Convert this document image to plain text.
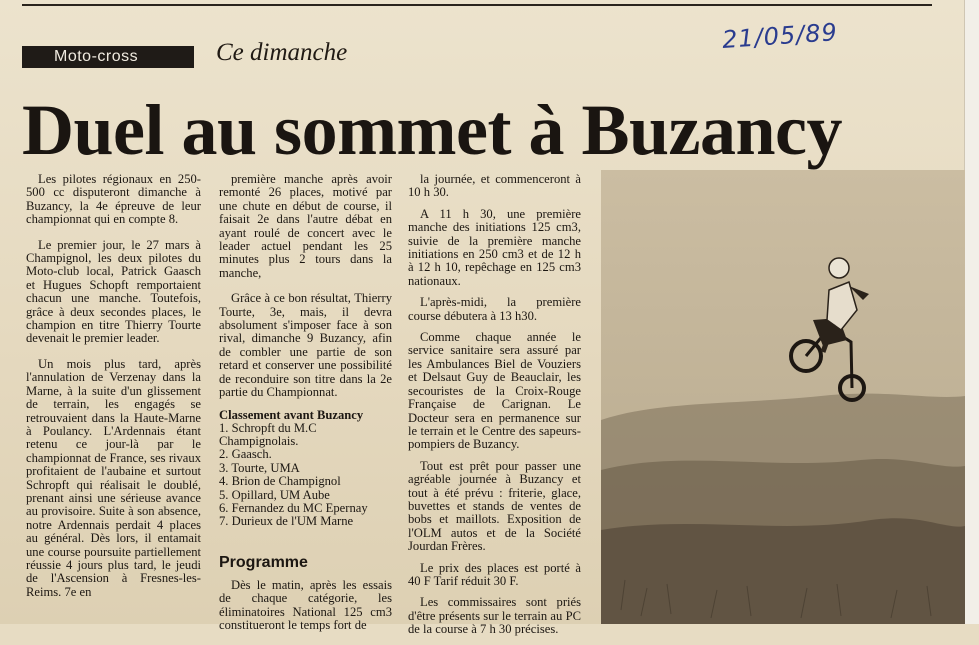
Moto-cross	Ce dimanche	21/05/89
Duel au sommet à Buzancy

Les pilotes régionaux en 250-500 cc disputeront dimanche à Buzancy, la 4e épreuve de leur championnat qui en compte 8.

Le premier jour, le 27 mars à Champignol, les deux pilotes du Moto-club local, Patrick Gaasch et Hugues Schopft remportaient chacun une manche. Toutefois, grâce à deux secondes places, le champion en titre Thierry Tourte devenait le premier leader.

Un mois plus tard, après l'annulation de Verzenay dans la Marne, à la suite d'un glissement de terrain, les engagés se retrouvaient dans la Haute-Marne à Poulancy. L'Ardennais étant retenu ce jour-là par le championnat de France, ses rivaux profitaient de l'aubaine et surtout Schropft qui réalisait le doublé, prenant ainsi une sérieuse avance au provisoire. Suite à son absence, notre Ardennais perdait 4 places au général. Dès lors, il entamait une course poursuite partiellement réussie 4 jours plus tard, le jeudi de l'Ascension à Fresnes-les-Reims. 7e en

première manche après avoir remonté 26 places, motivé par une chute en début de course, il faisait 2e dans l'autre débat en ayant roulé de concert avec le leader actuel pendant les 25 minutes plus 2 tours dans la manche,

Grâce à ce bon résultat, Thierry Tourte, 3e, mais, il devra absolument s'imposer face à son rival, dimanche 9 Buzancy, afin de combler une partie de son retard et conserver une possibilité de reconduire son titre dans la 2e partie du Championnat.

Classement avant Buzancy
1. Schropft du M.C Champignolais.
2. Gaasch.
3. Tourte, UMA
4. Brion de Champignol
5. Opillard, UM Aube
6. Fernandez du MC Epernay
7. Durieux de l'UM Marne
Programme

Dès le matin, après les essais de chaque catégorie, les éliminatoires National 125 cm3 constitueront le temps fort de

la journée, et commenceront à 10 h 30.

A 11 h 30, une première manche des initiations 125 cm3, suivie de la première manche initiations en 250 cm3 et de 12 h à 12 h 10, repêchage en 125 cm3 nationaux.

L'après-midi, la première course débutera à 13 h30.

Comme chaque année le service sanitaire sera assuré par les Ambulances Biel de Vouziers et Delsaut Guy de Beauclair, les secouristes de la Croix-Rouge Française de Carignan. Le Docteur sera en permanence sur le terrain et le Centre des sapeurs-pompiers de Buzancy.

Tout est prêt pour passer une agréable journée à Buzancy et tout à été prévu : friterie, glace, buvettes et stands de ventes de bobs et maillots. Exposition de l'OLM autos et de la Société Jourdan Frères.

Le prix des places est porté à 40 F Tarif réduit 30 F.

Les commissaires sont priés d'être présents sur le terrain au PC de la course à 7 h 30 précises.
